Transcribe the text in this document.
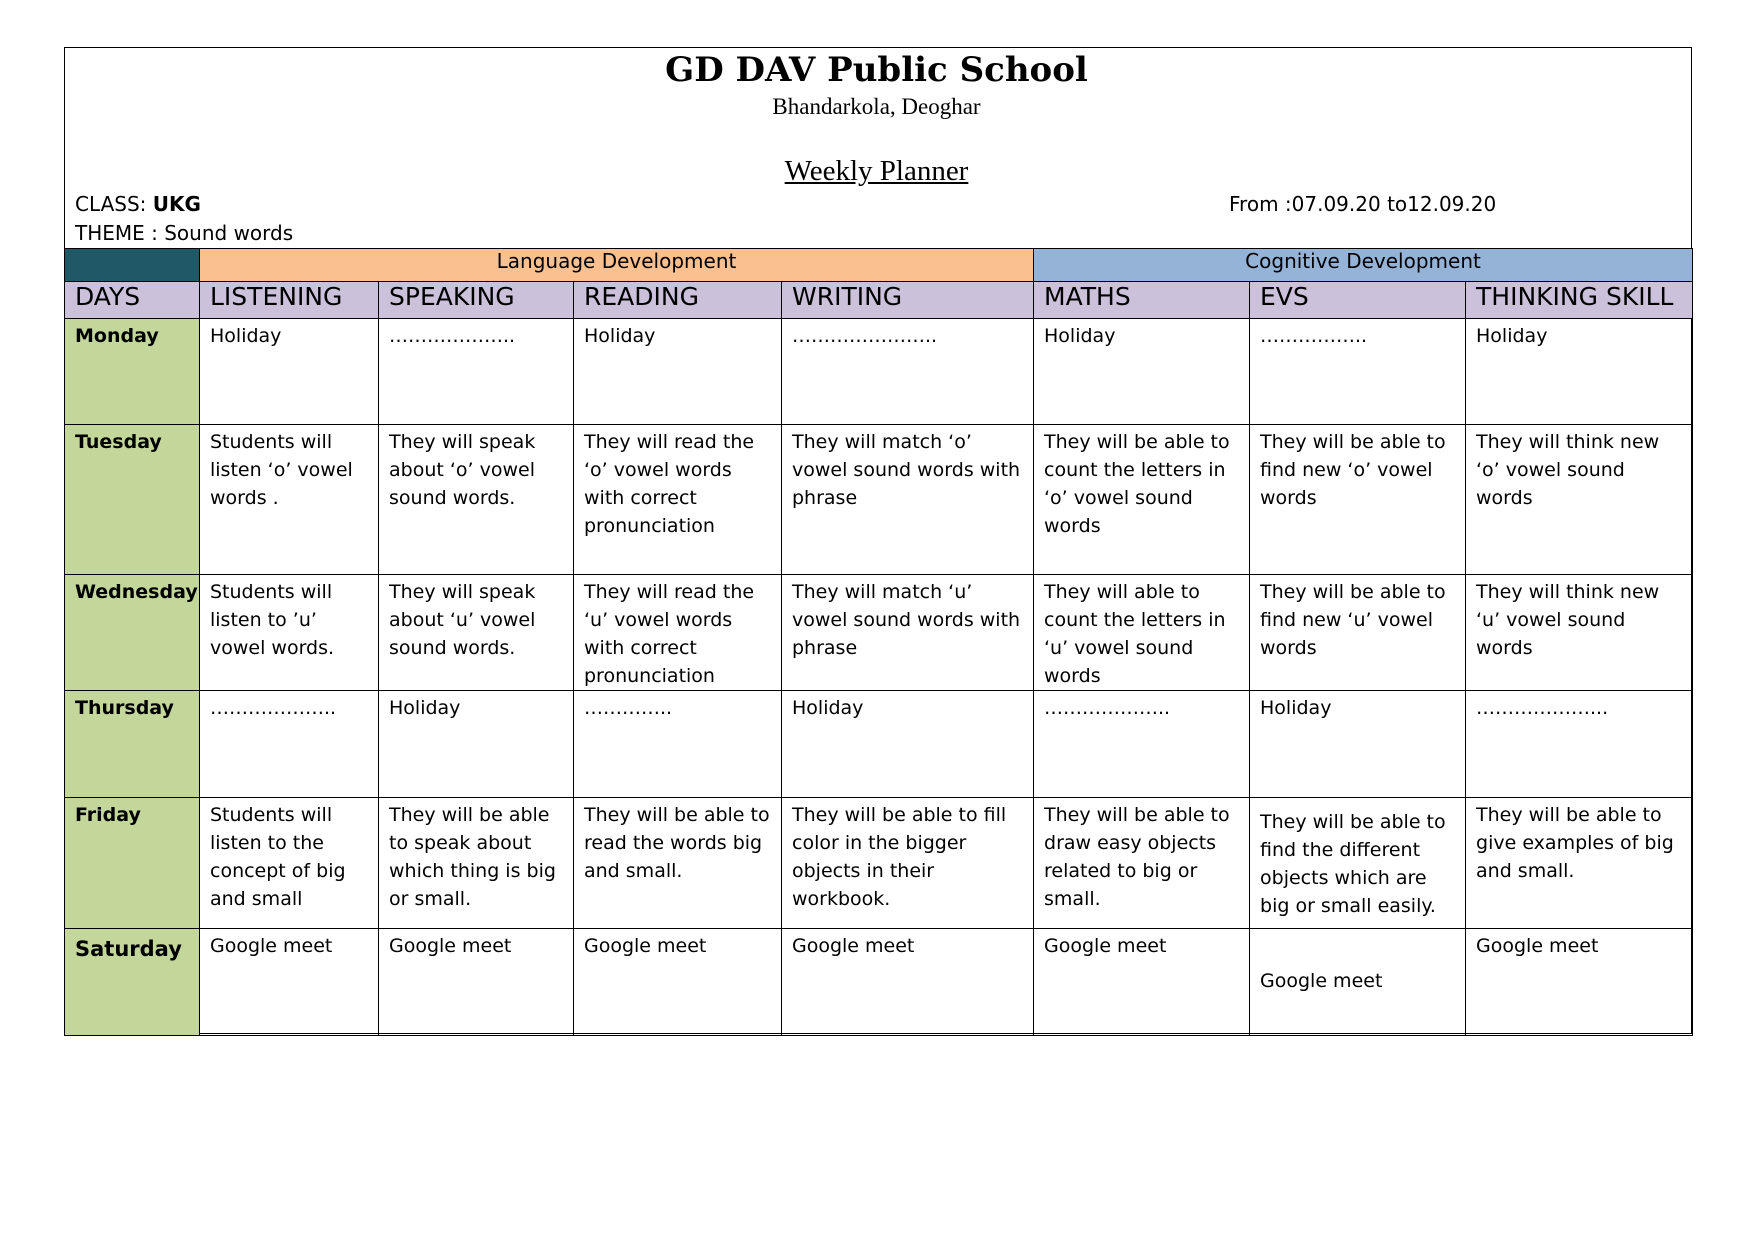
GD DAV Public School
Bhandarkola, Deoghar
Weekly Planner
CLASS: UKG	From :07.09.20 to12.09.20
THEME : Sound words
	Language Development				Cognitive Development		
DAYS	LISTENING	SPEAKING	READING	WRITING	MATHS	EVS	THINKING SKILL
Monday	Holiday	………………..	Holiday	…………………..	Holiday	……………..	Holiday
Tuesday	Students will listen ‘o’ vowel words .	They will speak about ‘o’ vowel sound words.	They will read the ‘o’ vowel words with correct pronunciation	They will match ‘o’ vowel sound words with phrase	They will be able to count the letters in ‘o’ vowel sound words	They will be able to find new ‘o’ vowel words	They will think new ‘o’ vowel sound words
Wednesday	Students will listen to ’u’ vowel words.	They will speak about ‘u’ vowel sound words.	They will read the ‘u’ vowel words with correct pronunciation	They will match ‘u’ vowel sound words with phrase	They will able to count the letters in ‘u’ vowel sound words	They will be able to find new ‘u’ vowel words	They will think new ‘u’ vowel sound words
Thursday	………………..	Holiday	…………..	Holiday	………………..	Holiday	………………...
Friday	Students will listen to the concept of big and small	They will be able to speak about which thing is big or small.	They will be able to read the words big and small.	They will be able to fill color in the bigger objects in their workbook.	They will be able to draw easy objects related to big or small.	They will be able to find the different objects which are big or small easily.	They will be able to give examples of big and small.
Saturday	Google meet	Google meet	Google meet	Google meet	Google meet	Google meet	Google meet
